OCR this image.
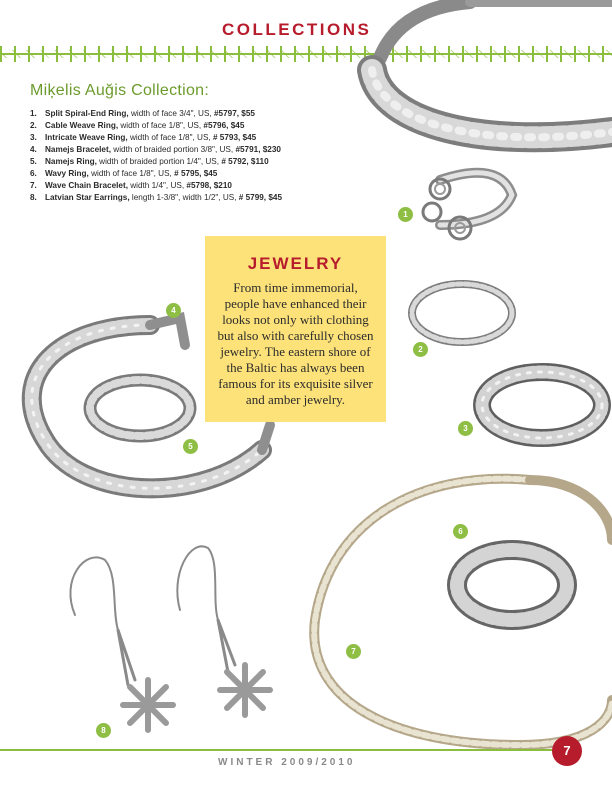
COLLECTIONS
Miķelis Auğis Collection:
1. Split Spiral-End Ring, width of face 3/4", US, #5797, $55
2. Cable Weave Ring, width of face 1/8", US, #5796, $45
3. Intricate Weave Ring, width of face 1/8", US, # 5793, $45
4. Namejs Bracelet, width of braided portion 3/8", US, #5791, $230
5. Namejs Ring, width of braided portion 1/4", US, # 5792, $110
6. Wavy Ring, width of face 1/8", US, # 5795, $45
7. Wave Chain Bracelet, width 1/4", US, #5798, $210
8. Latvian Star Earrings, length 1-3/8", width 1/2", US, # 5799, $45
JEWELRY

From time immemorial, people have enhanced their looks not only with clothing but also with carefully chosen jewelry. The eastern shore of the Baltic has always been famous for its exquisite silver and amber jewelry.

1
2
3
4
5
6
7
8
WINTER 2009/2010
7
